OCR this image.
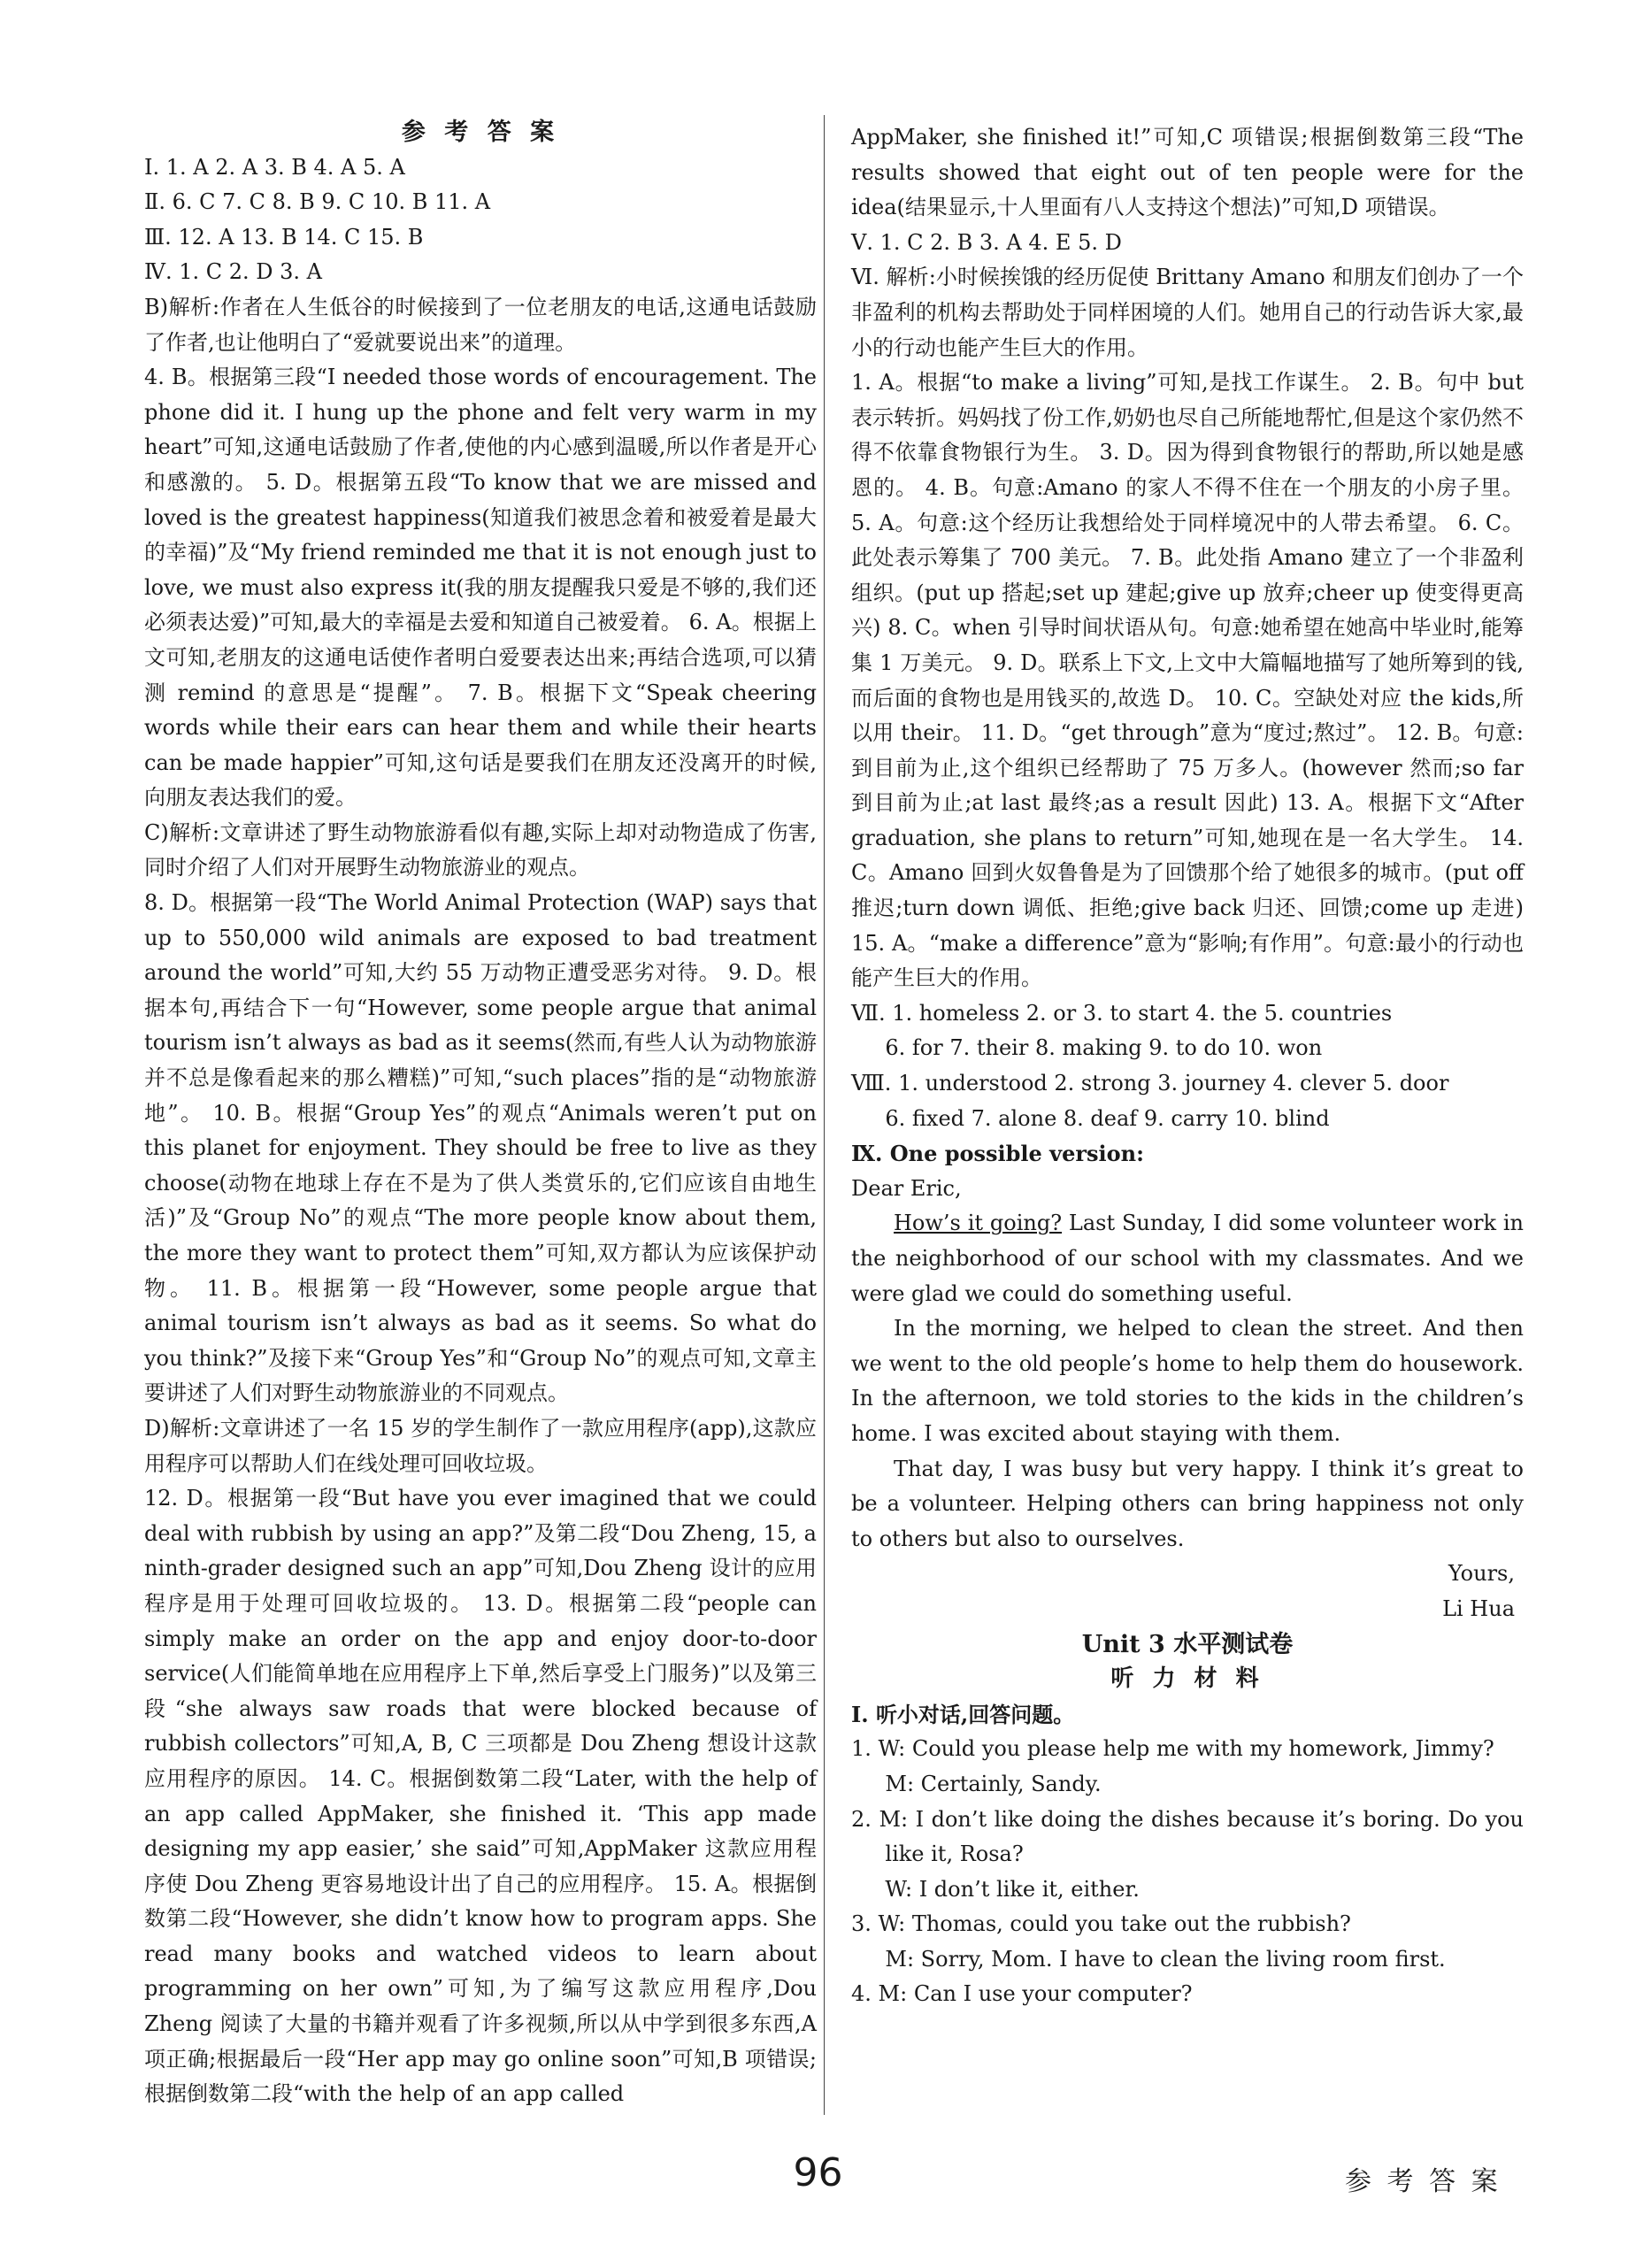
参 考 答 案

Ⅰ. 1. A 2. A 3. B 4. A 5. A

Ⅱ. 6. C 7. C 8. B 9. C 10. B 11. A

Ⅲ. 12. A 13. B 14. C 15. B

Ⅳ. 1. C 2. D 3. A

B)解析:作者在人生低谷的时候接到了一位老朋友的电话,这通电话鼓励了作者,也让他明白了“爱就要说出来”的道理。

4. B。根据第三段“I needed those words of encouragement. The phone did it. I hung up the phone and felt very warm in my heart”可知,这通电话鼓励了作者,使他的内心感到温暖,所以作者是开心和感激的。 5. D。根据第五段“To know that we are missed and loved is the greatest happiness(知道我们被思念着和被爱着是最大的幸福)”及“My friend reminded me that it is not enough just to love, we must also express it(我的朋友提醒我只爱是不够的,我们还必须表达爱)”可知,最大的幸福是去爱和知道自己被爱着。 6. A。根据上文可知,老朋友的这通电话使作者明白爱要表达出来;再结合选项,可以猜测 remind 的意思是“提醒”。 7. B。根据下文“Speak cheering words while their ears can hear them and while their hearts can be made happier”可知,这句话是要我们在朋友还没离开的时候,向朋友表达我们的爱。

C)解析:文章讲述了野生动物旅游看似有趣,实际上却对动物造成了伤害,同时介绍了人们对开展野生动物旅游业的观点。

8. D。根据第一段“The World Animal Protection (WAP) says that up to 550,000 wild animals are exposed to bad treatment around the world”可知,大约 55 万动物正遭受恶劣对待。 9. D。根据本句,再结合下一句“However, some people argue that animal tourism isn’t always as bad as it seems(然而,有些人认为动物旅游并不总是像看起来的那么糟糕)”可知,“such places”指的是“动物旅游地”。 10. B。根据“Group Yes”的观点“Animals weren’t put on this planet for enjoyment. They should be free to live as they choose(动物在地球上存在不是为了供人类赏乐的,它们应该自由地生活)”及“Group No”的观点“The more people know about them, the more they want to protect them”可知,双方都认为应该保护动物。 11. B。根据第一段“However, some people argue that animal tourism isn’t always as bad as it seems. So what do you think?”及接下来“Group Yes”和“Group No”的观点可知,文章主要讲述了人们对野生动物旅游业的不同观点。

D)解析:文章讲述了一名 15 岁的学生制作了一款应用程序(app),这款应用程序可以帮助人们在线处理可回收垃圾。

12. D。根据第一段“But have you ever imagined that we could deal with rubbish by using an app?”及第二段“Dou Zheng, 15, a ninth-grader designed such an app”可知,Dou Zheng 设计的应用程序是用于处理可回收垃圾的。 13. D。根据第二段“people can simply make an order on the app and enjoy door-to-door service(人们能简单地在应用程序上下单,然后享受上门服务)”以及第三段“she always saw roads that were blocked because of rubbish collectors”可知,A, B, C 三项都是 Dou Zheng 想设计这款应用程序的原因。 14. C。根据倒数第二段“Later, with the help of an app called AppMaker, she finished it. ‘This app made designing my app easier,’ she said”可知,AppMaker 这款应用程序使 Dou Zheng 更容易地设计出了自己的应用程序。 15. A。根据倒数第二段“However, she didn’t know how to program apps. She read many books and watched videos to learn about programming on her own”可知,为了编写这款应用程序,Dou Zheng 阅读了大量的书籍并观看了许多视频,所以从中学到很多东西,A 项正确;根据最后一段“Her app may go online soon”可知,B 项错误;根据倒数第二段“with the help of an app called

AppMaker, she finished it!”可知,C 项错误;根据倒数第三段“The results showed that eight out of ten people were for the idea(结果显示,十人里面有八人支持这个想法)”可知,D 项错误。

Ⅴ. 1. C 2. B 3. A 4. E 5. D

Ⅵ. 解析:小时候挨饿的经历促使 Brittany Amano 和朋友们创办了一个非盈利的机构去帮助处于同样困境的人们。她用自己的行动告诉大家,最小的行动也能产生巨大的作用。

1. A。根据“to make a living”可知,是找工作谋生。 2. B。句中 but 表示转折。妈妈找了份工作,奶奶也尽自己所能地帮忙,但是这个家仍然不得不依靠食物银行为生。 3. D。因为得到食物银行的帮助,所以她是感恩的。 4. B。句意:Amano 的家人不得不住在一个朋友的小房子里。 5. A。句意:这个经历让我想给处于同样境况中的人带去希望。 6. C。此处表示筹集了 700 美元。 7. B。此处指 Amano 建立了一个非盈利组织。(put up 搭起;set up 建起;give up 放弃;cheer up 使变得更高兴) 8. C。when 引导时间状语从句。句意:她希望在她高中毕业时,能筹集 1 万美元。 9. D。联系上下文,上文中大篇幅地描写了她所筹到的钱,而后面的食物也是用钱买的,故选 D。 10. C。空缺处对应 the kids,所以用 their。 11. D。“get through”意为“度过;熬过”。 12. B。句意:到目前为止,这个组织已经帮助了 75 万多人。(however 然而;so far 到目前为止;at last 最终;as a result 因此) 13. A。根据下文“After graduation, she plans to return”可知,她现在是一名大学生。 14. C。Amano 回到火奴鲁鲁是为了回馈那个给了她很多的城市。(put off 推迟;turn down 调低、拒绝;give back 归还、回馈;come up 走进) 15. A。“make a difference”意为“影响;有作用”。句意:最小的行动也能产生巨大的作用。

Ⅶ. 1. homeless 2. or 3. to start 4. the 5. countries

6. for 7. their 8. making 9. to do 10. won

Ⅷ. 1. understood 2. strong 3. journey 4. clever 5. door

6. fixed 7. alone 8. deaf 9. carry 10. blind

Ⅸ. One possible version:

Dear Eric,

How’s it going? Last Sunday, I did some volunteer work in the neighborhood of our school with my classmates. And we were glad we could do something useful.

In the morning, we helped to clean the street. And then we went to the old people’s home to help them do housework. In the afternoon, we told stories to the kids in the children’s home. I was excited about staying with them.

That day, I was busy but very happy. I think it’s great to be a volunteer. Helping others can bring happiness not only to others but also to ourselves.

Yours,

Li Hua

Unit 3 水平测试卷

听 力 材 料

Ⅰ. 听小对话,回答问题。

1. W: Could you please help me with my homework, Jimmy?

M: Certainly, Sandy.

2. M: I don’t like doing the dishes because it’s boring. Do you like it, Rosa?

W: I don’t like it, either.

3. W: Thomas, could you take out the rubbish?

M: Sorry, Mom. I have to clean the living room first.

4. M: Can I use your computer?

96	参 考 答 案
